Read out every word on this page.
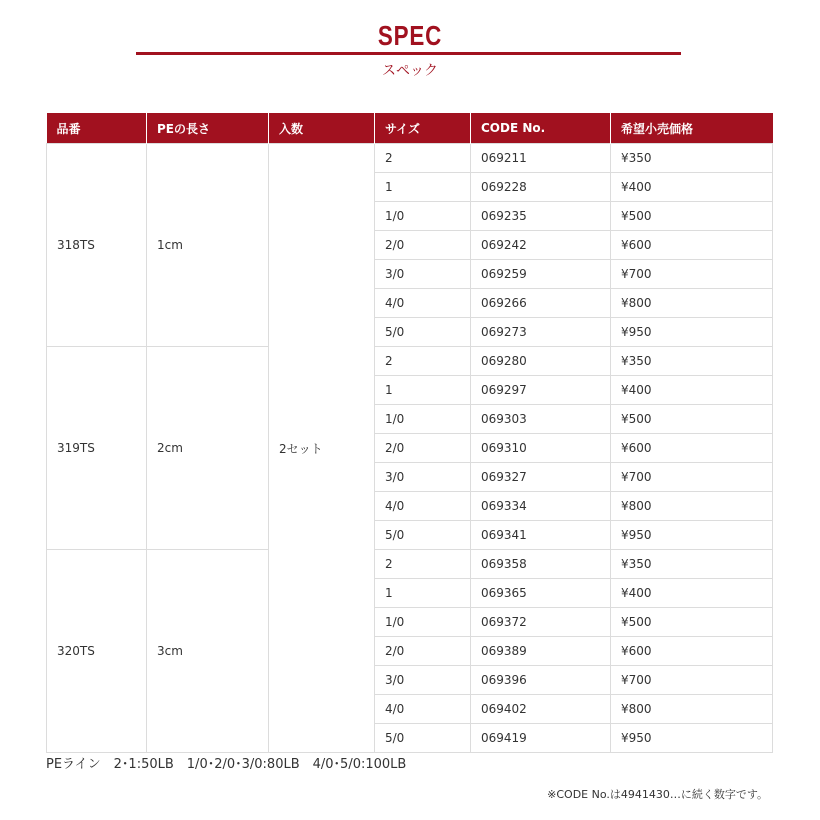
SPEC
スペック
品番	PEの長さ	入数	サイズ	CODE No.	希望小売価格
318TS	1cm	2セット	2	069211	¥350
			1	069228	¥400
			1/0	069235	¥500
			2/0	069242	¥600
			3/0	069259	¥700
			4/0	069266	¥800
			5/0	069273	¥950
319TS	2cm		2	069280	¥350
			1	069297	¥400
			1/0	069303	¥500
			2/0	069310	¥600
			3/0	069327	¥700
			4/0	069334	¥800
			5/0	069341	¥950
320TS	3cm		2	069358	¥350
			1	069365	¥400
			1/0	069372	¥500
			2/0	069389	¥600
			3/0	069396	¥700
			4/0	069402	¥800
			5/0	069419	¥950
PEライン　2･1:50LB　1/0･2/0･3/0:80LB　4/0･5/0:100LB
※CODE No.は4941430…に続く数字です。
